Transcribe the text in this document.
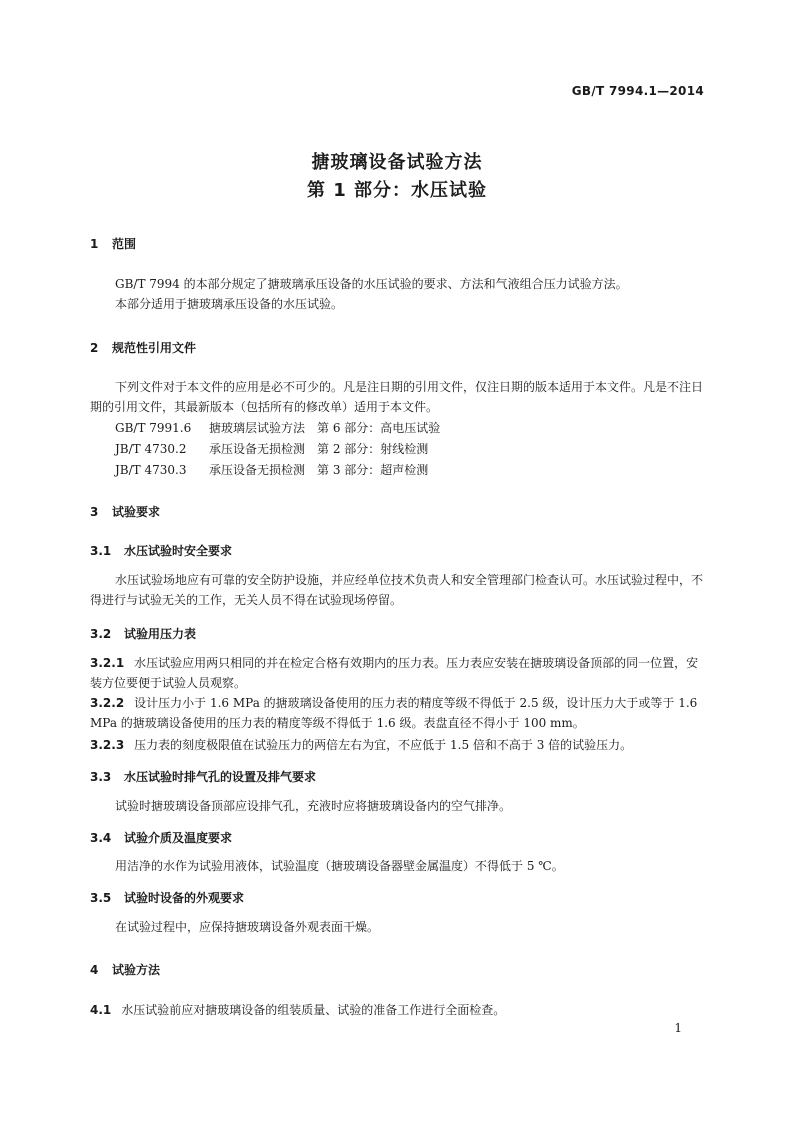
GB/T 7994.1—2014
搪玻璃设备试验方法
第 1 部分：水压试验
1 范围
GB/T 7994 的本部分规定了搪玻璃承压设备的水压试验的要求、方法和气液组合压力试验方法。
本部分适用于搪玻璃承压设备的水压试验。
2 规范性引用文件
下列文件对于本文件的应用是必不可少的。凡是注日期的引用文件，仅注日期的版本适用于本文件。凡是不注日期的引用文件，其最新版本（包括所有的修改单）适用于本文件。
GB/T 7991.6 搪玻璃层试验方法　第 6 部分：高电压试验
JB/T 4730.2 承压设备无损检测　第 2 部分：射线检测
JB/T 4730.3 承压设备无损检测　第 3 部分：超声检测
3 试验要求
3.1 水压试验时安全要求
水压试验场地应有可靠的安全防护设施，并应经单位技术负责人和安全管理部门检查认可。水压试验过程中，不得进行与试验无关的工作，无关人员不得在试验现场停留。
3.2 试验用压力表
3.2.1 水压试验应用两只相同的并在检定合格有效期内的压力表。压力表应安装在搪玻璃设备顶部的同一位置，安装方位要便于试验人员观察。
3.2.2 设计压力小于 1.6 MPa 的搪玻璃设备使用的压力表的精度等级不得低于 2.5 级，设计压力大于或等于 1.6 MPa 的搪玻璃设备使用的压力表的精度等级不得低于 1.6 级。表盘直径不得小于 100 mm。
3.2.3 压力表的刻度极限值在试验压力的两倍左右为宜，不应低于 1.5 倍和不高于 3 倍的试验压力。
3.3 水压试验时排气孔的设置及排气要求
试验时搪玻璃设备顶部应设排气孔，充液时应将搪玻璃设备内的空气排净。
3.4 试验介质及温度要求
用洁净的水作为试验用液体，试验温度（搪玻璃设备器壁金属温度）不得低于 5 ℃。
3.5 试验时设备的外观要求
在试验过程中，应保持搪玻璃设备外观表面干燥。
4 试验方法
4.1 水压试验前应对搪玻璃设备的组装质量、试验的准备工作进行全面检查。
1
